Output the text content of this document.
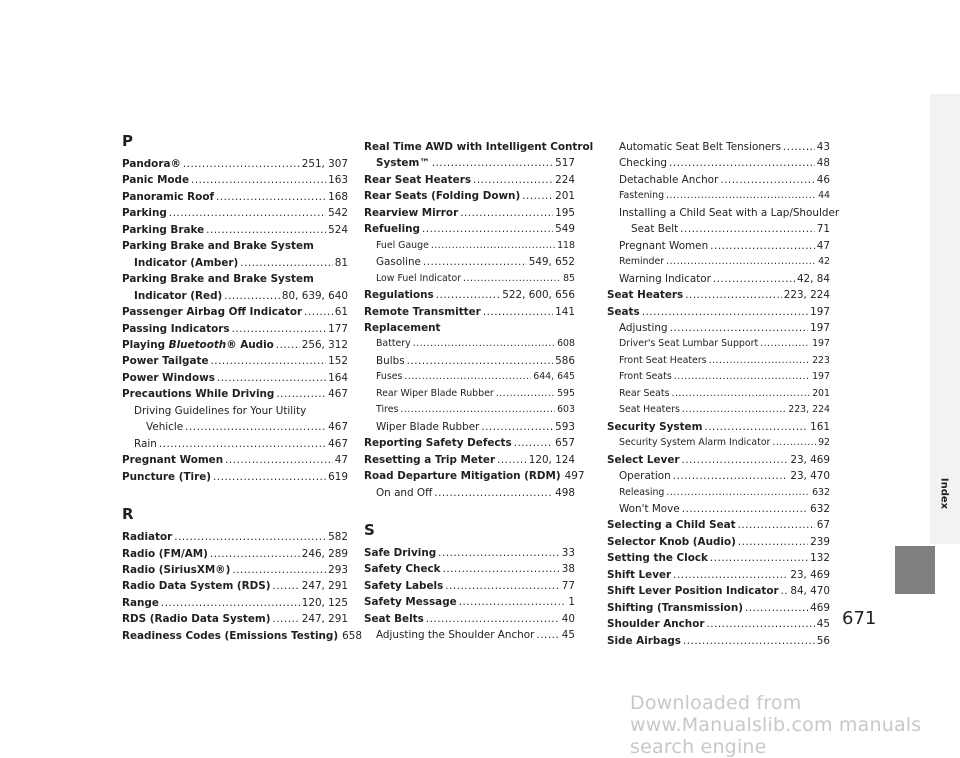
P
Pandora® .....	251, 307
Panic Mode .....	163
Panoramic Roof .....	168
Parking .....	542
Parking Brake .....	524
Parking Brake and Brake System
Indicator (Amber) .....	81
Parking Brake and Brake System
Indicator (Red) .....	80, 639, 640
Passenger Airbag Off Indicator .....	61
Passing Indicators .....	177
Playing Bluetooth® Audio .....	256, 312
Power Tailgate .....	152
Power Windows .....	164
Precautions While Driving .....	467
Driving Guidelines for Your Utility
Vehicle .....	467
Rain .....	467
Pregnant Women .....	47
Puncture (Tire) .....	619
R
Radiator .....	582
Radio (FM/AM) .....	246, 289
Radio (SiriusXM®) .....	293
Radio Data System (RDS) .....	247, 291
Range .....	120, 125
RDS (Radio Data System) .....	247, 291
Readiness Codes (Emissions Testing) 658
Real Time AWD with Intelligent Control
System™ .....	517
Rear Seat Heaters .....	224
Rear Seats (Folding Down) .....	201
Rearview Mirror .....	195
Refueling .....	549
Fuel Gauge .....	118
Gasoline .....	549, 652
Low Fuel Indicator .....	85
Regulations .....	522, 600, 656
Remote Transmitter .....	141
Replacement
Battery .....	608
Bulbs .....	586
Fuses .....	644, 645
Rear Wiper Blade Rubber .....	595
Tires .....	603
Wiper Blade Rubber .....	593
Reporting Safety Defects .....	657
Resetting a Trip Meter .....	120, 124
Road Departure Mitigation (RDM) 497
On and Off .....	498
S
Safe Driving .....	33
Safety Check .....	38
Safety Labels .....	77
Safety Message .....	1
Seat Belts .....	40
Adjusting the Shoulder Anchor .....	45
Automatic Seat Belt Tensioners .....	43
Checking .....	48
Detachable Anchor .....	46
Fastening .....	44
Installing a Child Seat with a Lap/Shoulder
Seat Belt .....	71
Pregnant Women .....	47
Reminder .....	42
Warning Indicator .....	42, 84
Seat Heaters .....	223, 224
Seats .....	197
Adjusting .....	197
Driver's Seat Lumbar Support .....	197
Front Seat Heaters .....	223
Front Seats .....	197
Rear Seats .....	201
Seat Heaters .....	223, 224
Security System .....	161
Security System Alarm Indicator .....	92
Select Lever .....	23, 469
Operation .....	23, 470
Releasing .....	632
Won't Move .....	632
Selecting a Child Seat .....	67
Selector Knob (Audio) .....	239
Setting the Clock .....	132
Shift Lever .....	23, 469
Shift Lever Position Indicator ..... 84, 470
Shifting (Transmission) .....	469
Shoulder Anchor .....	45
Side Airbags .....	56
Index
671
Downloaded from www.Manualslib.com manuals search engine
